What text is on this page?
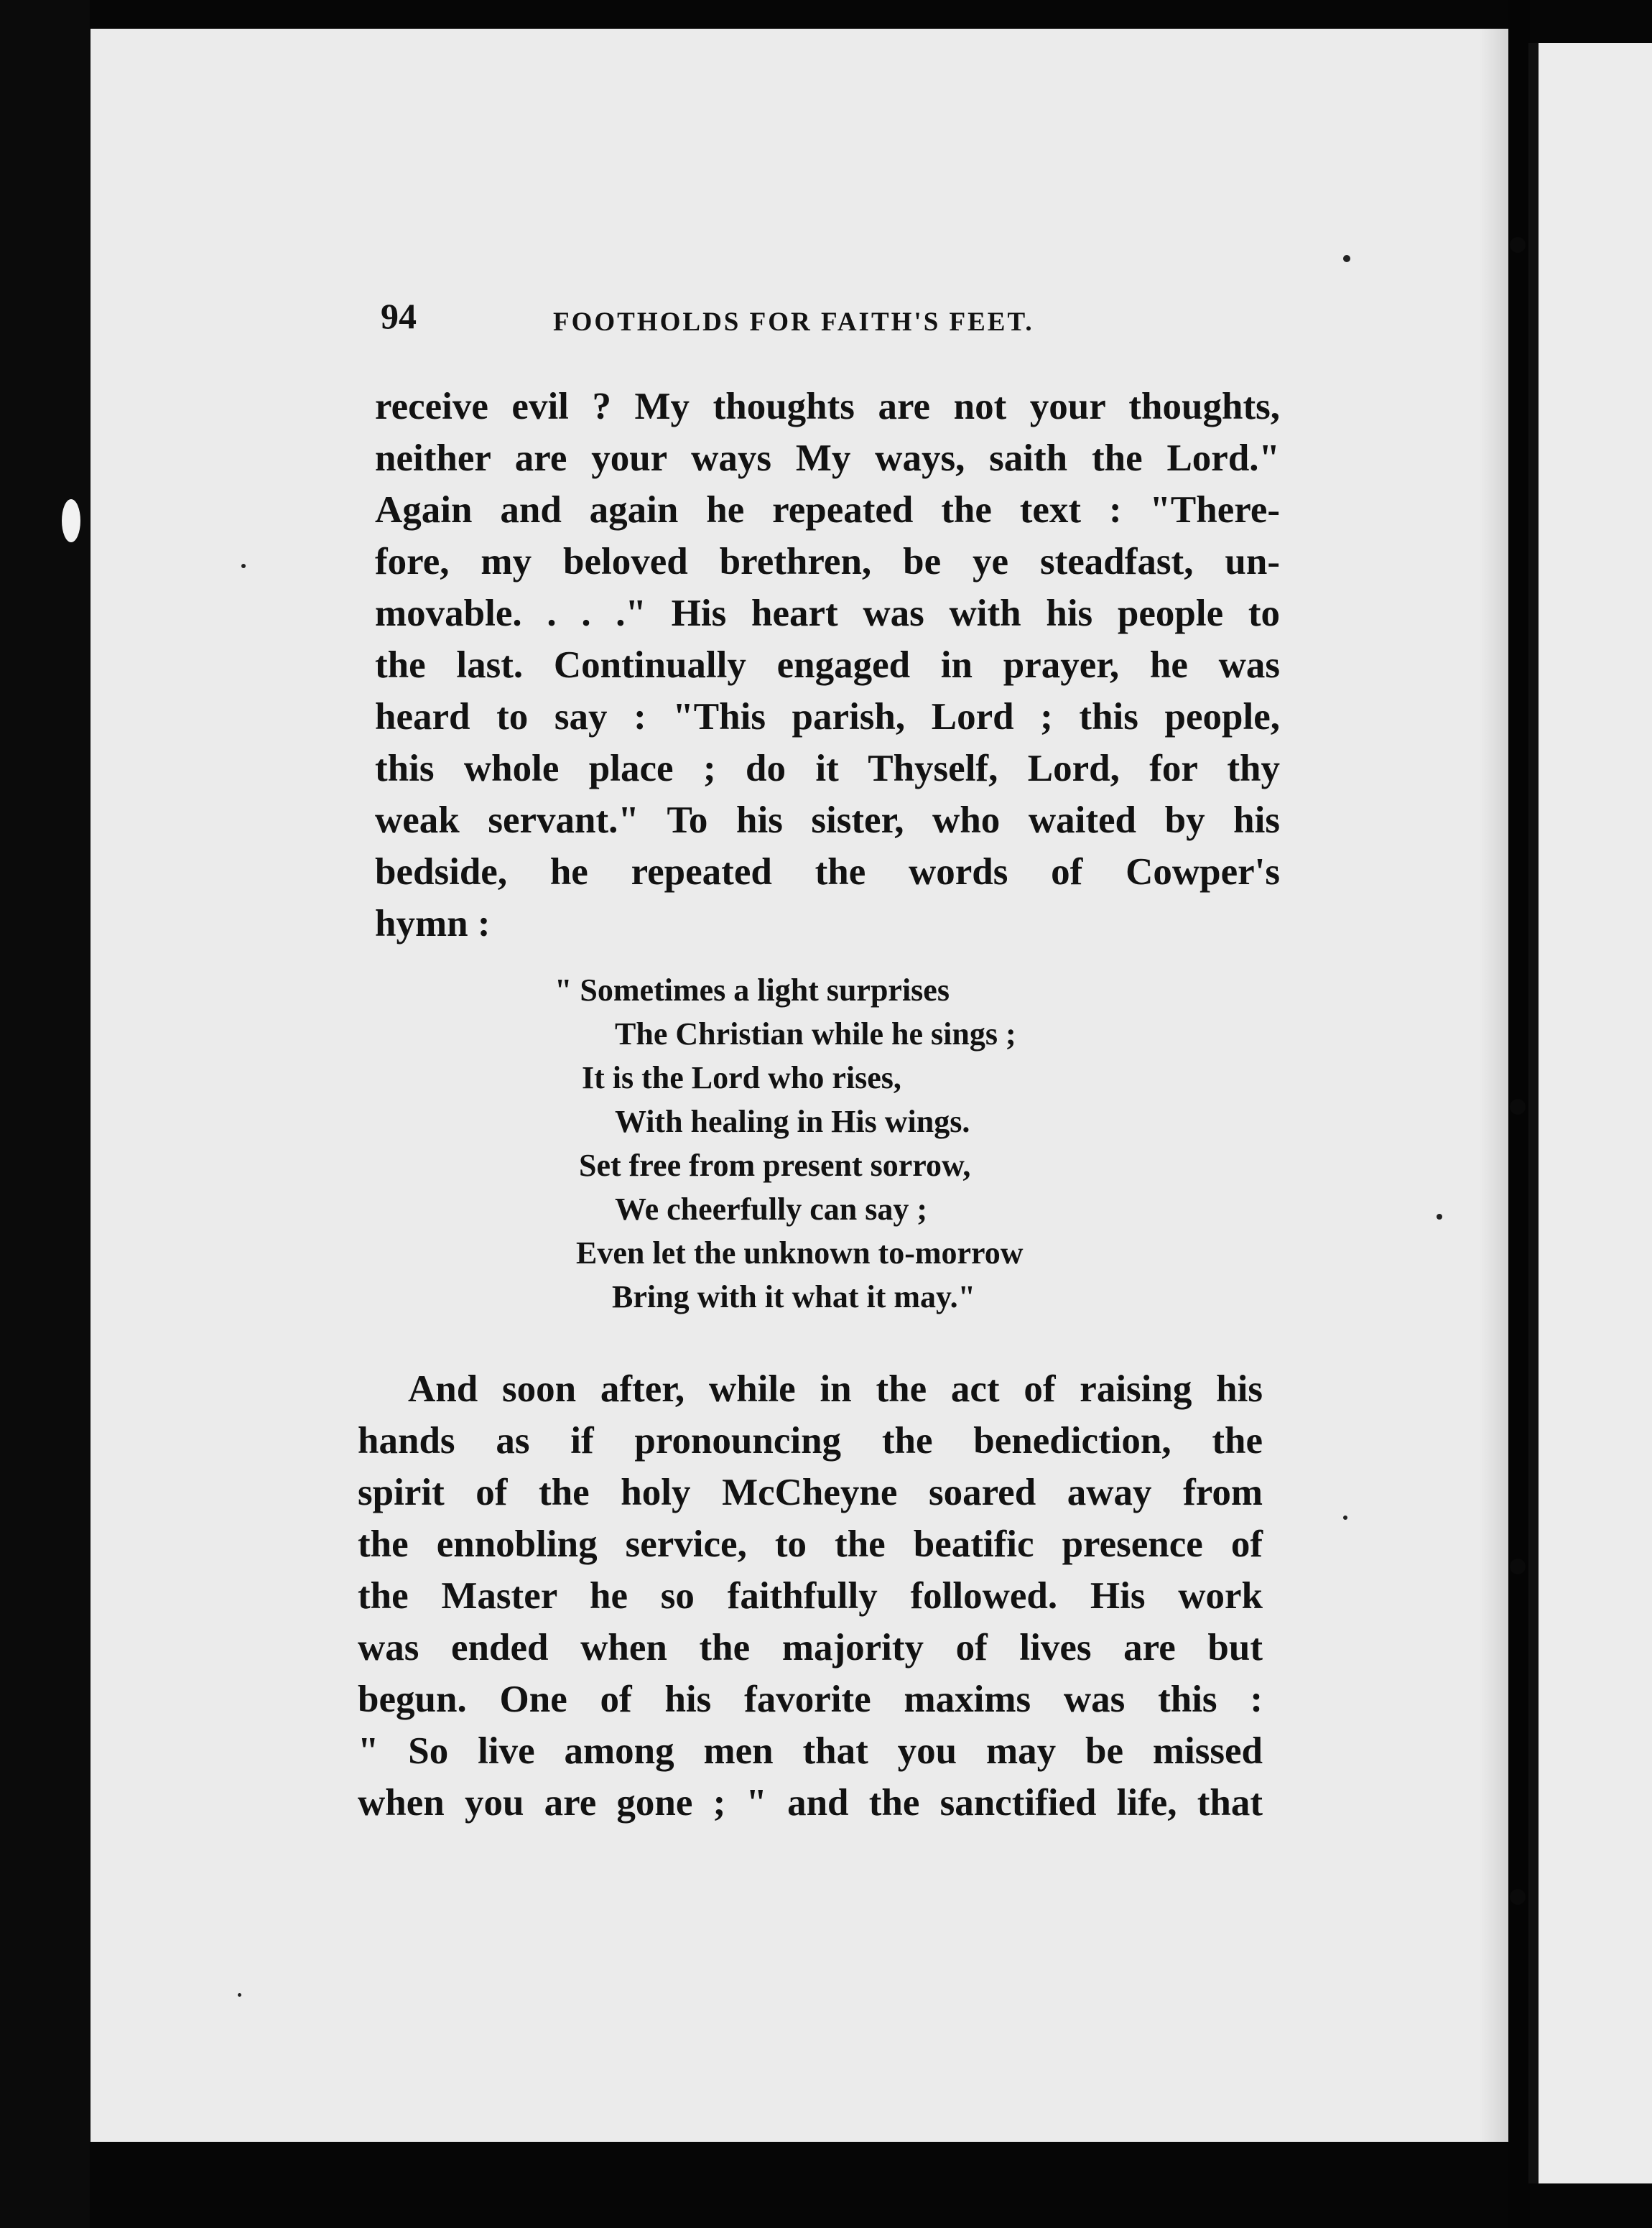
94	FOOTHOLDS FOR FAITH'S FEET.
receive evil ? My thoughts are not your thoughts,
neither are your ways My ways, saith the Lord."
Again and again he repeated the text : "There-
fore, my beloved brethren, be ye steadfast, un-
movable. . . ." His heart was with his people to
the last. Continually engaged in prayer, he was
heard to say : "This parish, Lord ; this people,
this whole place ; do it Thyself, Lord, for thy
weak servant." To his sister, who waited by his
bedside, he repeated the words of Cowper's
hymn :
" Sometimes a light surprises
The Christian while he sings ;
It is the Lord who rises,
With healing in His wings.
Set free from present sorrow,
We cheerfully can say ;
Even let the unknown to-morrow
Bring with it what it may."
And soon after, while in the act of raising his
hands as if pronouncing the benediction, the
spirit of the holy McCheyne soared away from
the ennobling service, to the beatific presence of
the Master he so faithfully followed. His work
was ended when the majority of lives are but
begun. One of his favorite maxims was this :
" So live among men that you may be missed
when you are gone ; " and the sanctified life, that
